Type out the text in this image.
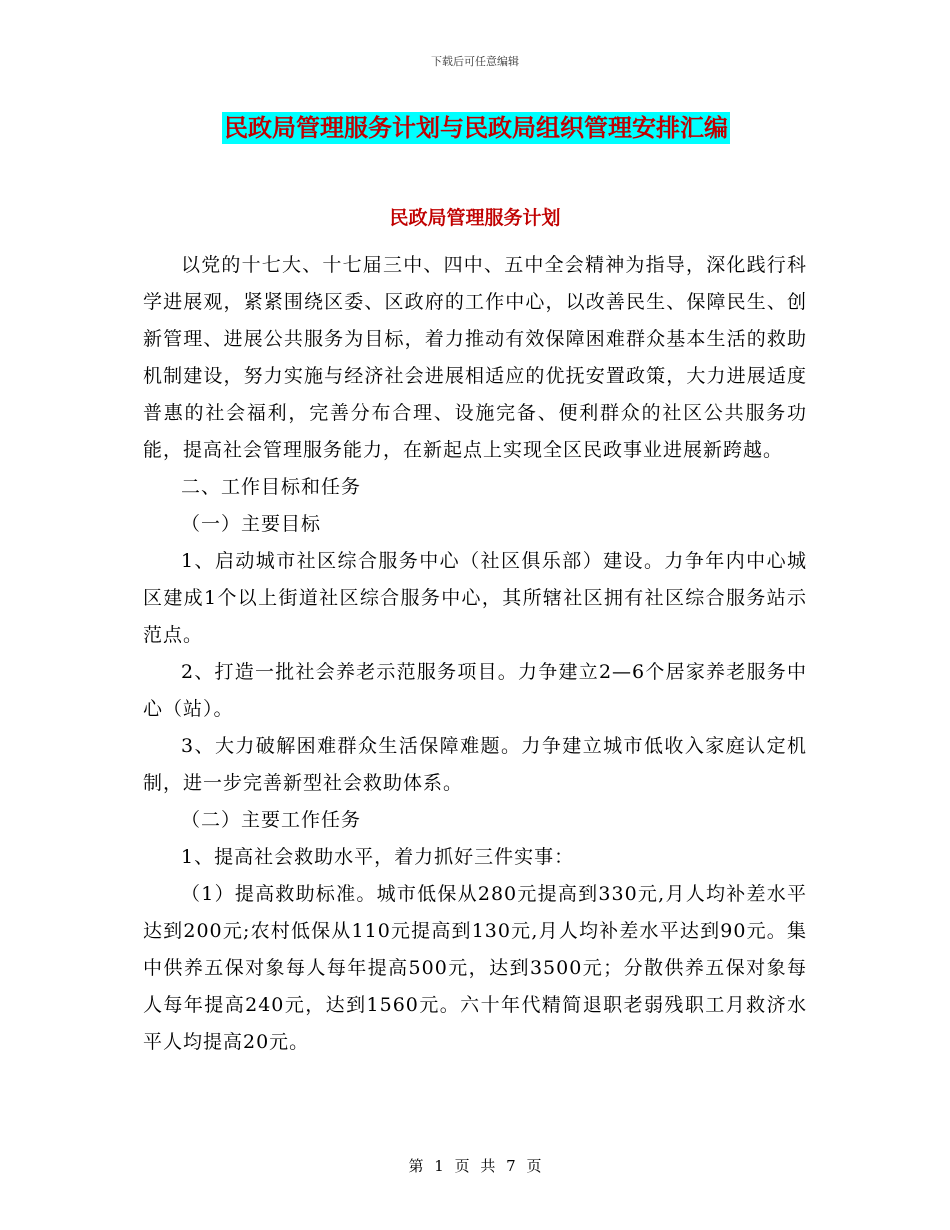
下载后可任意编辑
民政局管理服务计划与民政局组织管理安排汇编
民政局管理服务计划

以党的十七大、十七届三中、四中、五中全会精神为指导，深化践行科学进展观，紧紧围绕区委、区政府的工作中心，以改善民生、保障民生、创新管理、进展公共服务为目标，着力推动有效保障困难群众基本生活的救助机制建设，努力实施与经济社会进展相适应的优抚安置政策，大力进展适度普惠的社会福利，完善分布合理、设施完备、便利群众的社区公共服务功能，提高社会管理服务能力，在新起点上实现全区民政事业进展新跨越。

二、工作目标和任务

（一）主要目标

1、启动城市社区综合服务中心（社区俱乐部）建设。力争年内中心城区建成1个以上街道社区综合服务中心，其所辖社区拥有社区综合服务站示范点。

2、打造一批社会养老示范服务项目。力争建立2—6个居家养老服务中心（站）。

3、大力破解困难群众生活保障难题。力争建立城市低收入家庭认定机制，进一步完善新型社会救助体系。

（二）主要工作任务

1、提高社会救助水平，着力抓好三件实事：

（1）提高救助标准。城市低保从280元提高到330元,月人均补差水平达到200元;农村低保从110元提高到130元,月人均补差水平达到90元。集中供养五保对象每人每年提高500元，达到3500元；分散供养五保对象每人每年提高240元，达到1560元。六十年代精简退职老弱残职工月救济水平人均提高20元。

第 1 页 共 7 页
